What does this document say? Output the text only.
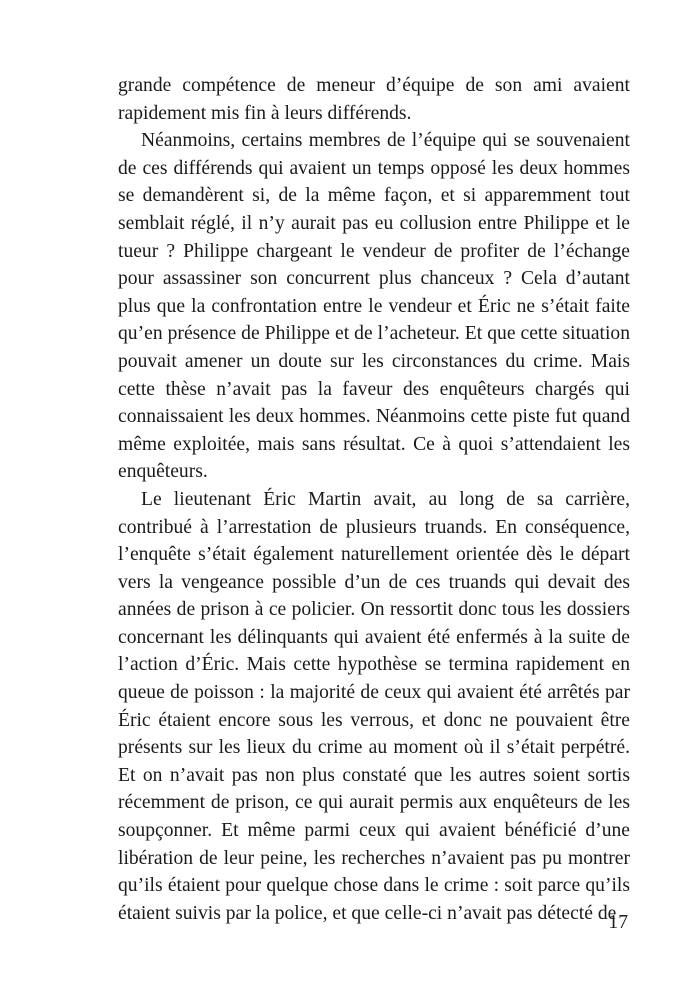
grande compétence de meneur d’équipe de son ami avaient rapidement mis fin à leurs différends.

Néanmoins, certains membres de l’équipe qui se souvenaient de ces différends qui avaient un temps opposé les deux hommes se demandèrent si, de la même façon, et si apparemment tout semblait réglé, il n’y aurait pas eu collusion entre Philippe et le tueur ? Philippe chargeant le vendeur de profiter de l’échange pour assassiner son concurrent plus chanceux ? Cela d’autant plus que la confrontation entre le vendeur et Éric ne s’était faite qu’en présence de Philippe et de l’acheteur. Et que cette situation pouvait amener un doute sur les circonstances du crime. Mais cette thèse n’avait pas la faveur des enquêteurs chargés qui connaissaient les deux hommes. Néanmoins cette piste fut quand même exploitée, mais sans résultat. Ce à quoi s’attendaient les enquêteurs.

Le lieutenant Éric Martin avait, au long de sa carrière, contribué à l’arrestation de plusieurs truands. En conséquence, l’enquête s’était également naturellement orientée dès le départ vers la vengeance possible d’un de ces truands qui devait des années de prison à ce policier. On ressortit donc tous les dossiers concernant les délinquants qui avaient été enfermés à la suite de l’action d’Éric. Mais cette hypothèse se termina rapidement en queue de poisson : la majorité de ceux qui avaient été arrêtés par Éric étaient encore sous les verrous, et donc ne pouvaient être présents sur les lieux du crime au moment où il s’était perpétré. Et on n’avait pas non plus constaté que les autres soient sortis récemment de prison, ce qui aurait permis aux enquêteurs de les soupçonner. Et même parmi ceux qui avaient bénéficié d’une libération de leur peine, les recherches n’avaient pas pu montrer qu’ils étaient pour quelque chose dans le crime : soit parce qu’ils étaient suivis par la police, et que celle-ci n’avait pas détecté de

17
